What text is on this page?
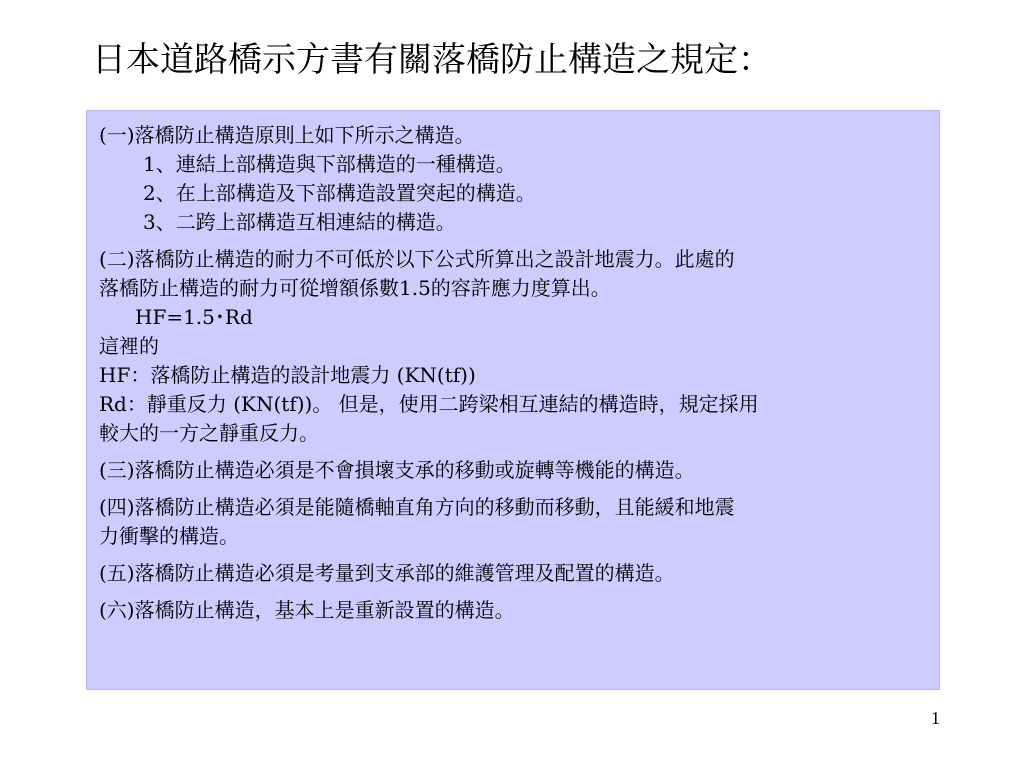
日本道路橋示方書有關落橋防止構造之規定：
(一)落橋防止構造原則上如下所示之構造。
1、連結上部構造與下部構造的一種構造。
2、在上部構造及下部構造設置突起的構造。
3、二跨上部構造互相連結的構造。
(二)落橋防止構造的耐力不可低於以下公式所算出之設計地震力。此處的
落橋防止構造的耐力可從增額係數1.5的容許應力度算出。
HF=1.5･Rd
這裡的
HF：落橋防止構造的設計地震力 (KN(tf))
Rd：靜重反力 (KN(tf))。 但是，使用二跨梁相互連結的構造時，規定採用
較大的一方之靜重反力。
(三)落橋防止構造必須是不會損壞支承的移動或旋轉等機能的構造。
(四)落橋防止構造必須是能隨橋軸直角方向的移動而移動，且能緩和地震
力衝擊的構造。
(五)落橋防止構造必須是考量到支承部的維護管理及配置的構造。
(六)落橋防止構造，基本上是重新設置的構造。
1
